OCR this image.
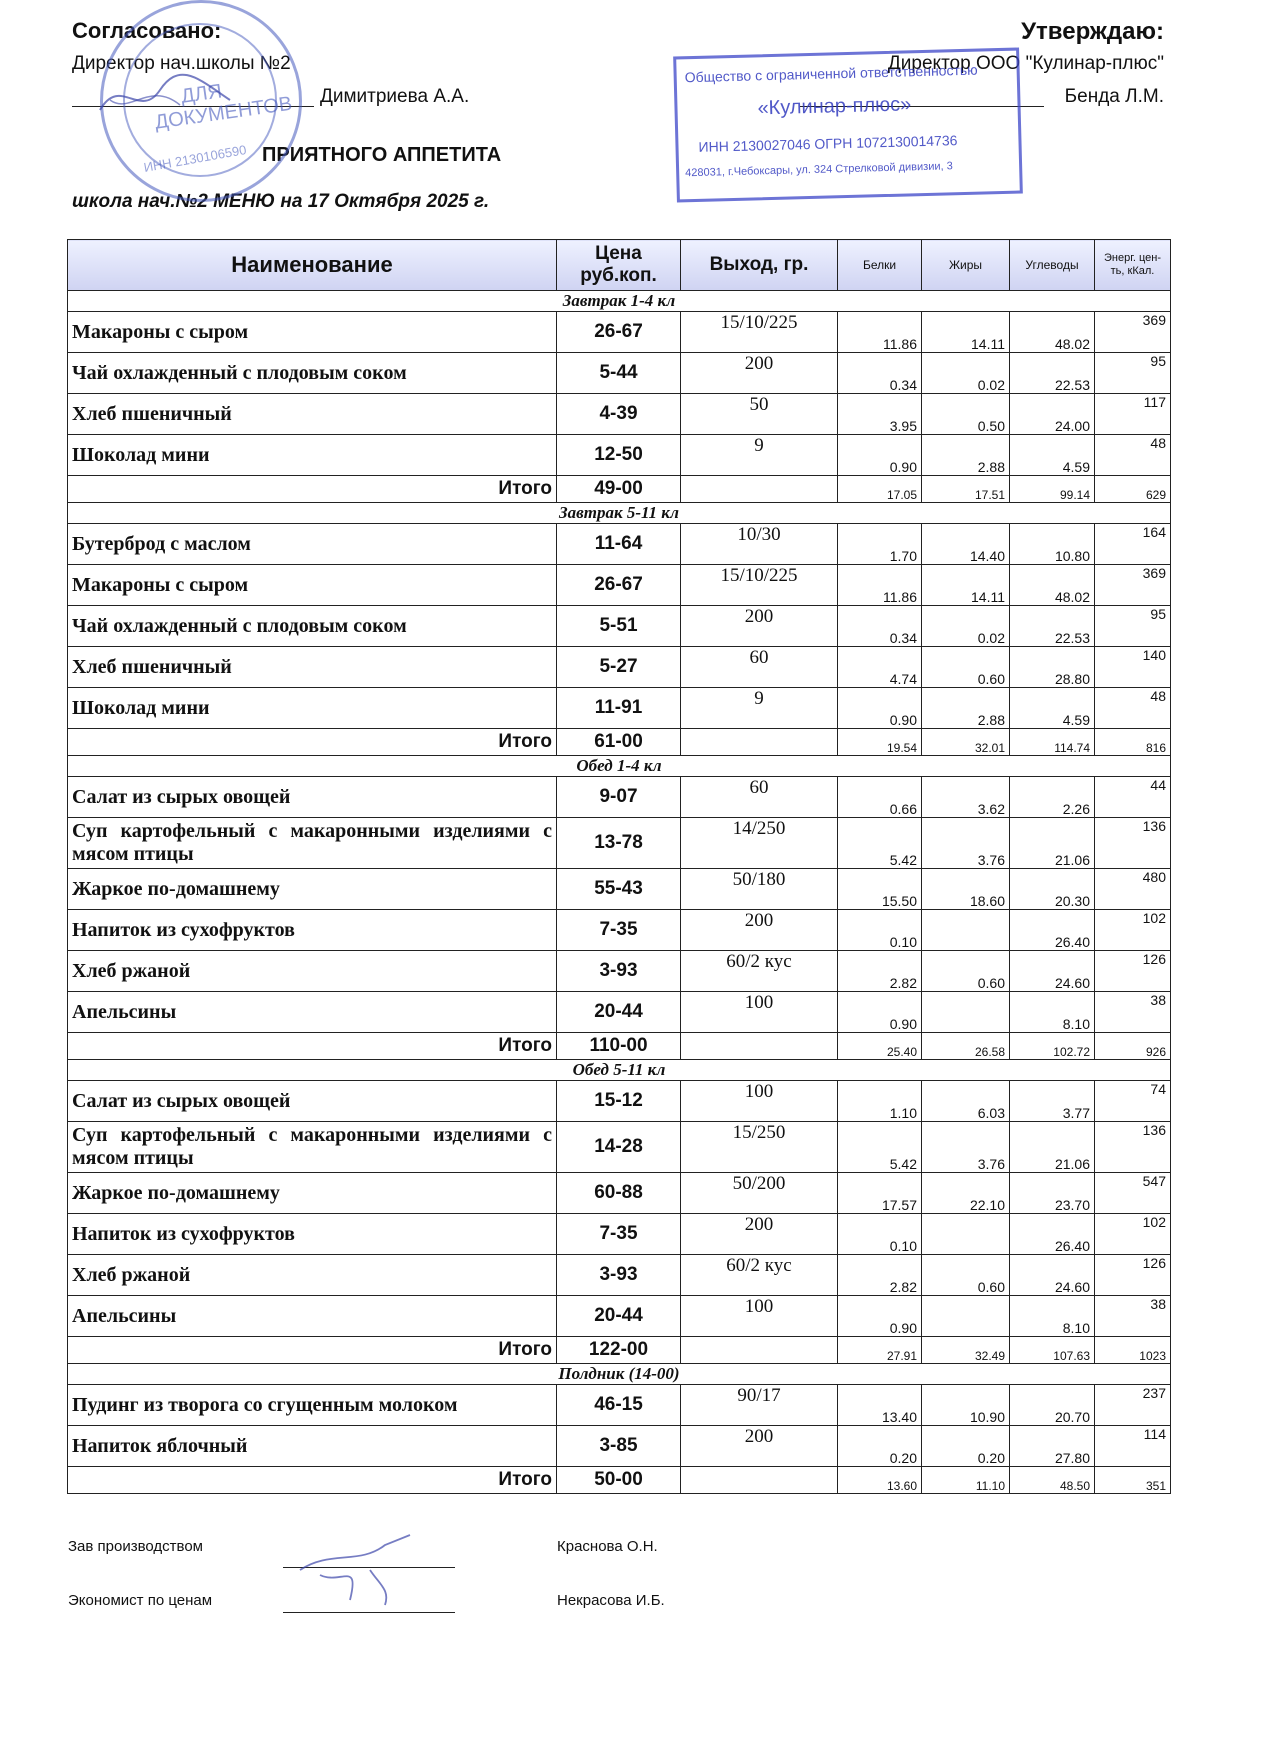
Согласовано:
Директор нач.школы №2
Димитриева А.А.
Утверждаю:
Директор ООО "Кулинар-плюс"
Бенда Л.М.
ПРИЯТНОГО АППЕТИТА
школа нач.№2 МЕНЮ на 17 Октября 2025 г.
ДЛЯ ДОКУМЕНТОВ
ИНН 2130106590
Общество с ограниченной ответственностью
«Кулинар-плюс»
ИНН 2130027046 ОГРН 1072130014736
428031, г.Чебоксары, ул. 324 Стрелковой дивизии, 3
Наименование	Цена руб.коп.	Выход, гр.	Белки	Жиры	Углеводы	Энерг. цен-ть, кКал.
Завтрак 1-4 кл						
Макароны с сыром	26-67	15/10/225	11.86	14.11	48.02	369
Чай охлажденный с плодовым соком	5-44	200	0.34	0.02	22.53	95
Хлеб пшеничный	4-39	50	3.95	0.50	24.00	117
Шоколад мини	12-50	9	0.90	2.88	4.59	48
Итого	49-00		17.05	17.51	99.14	629
Завтрак 5-11 кл						
Бутерброд с маслом	11-64	10/30	1.70	14.40	10.80	164
Макароны с сыром	26-67	15/10/225	11.86	14.11	48.02	369
Чай охлажденный с плодовым соком	5-51	200	0.34	0.02	22.53	95
Хлеб пшеничный	5-27	60	4.74	0.60	28.80	140
Шоколад мини	11-91	9	0.90	2.88	4.59	48
Итого	61-00		19.54	32.01	114.74	816
Обед 1-4 кл						
Салат из сырых овощей	9-07	60	0.66	3.62	2.26	44
Суп картофельный с макаронными изделиями с мясом птицы	13-78	14/250	5.42	3.76	21.06	136
Жаркое по-домашнему	55-43	50/180	15.50	18.60	20.30	480
Напиток из сухофруктов	7-35	200	0.10		26.40	102
Хлеб ржаной	3-93	60/2 кус	2.82	0.60	24.60	126
Апельсины	20-44	100	0.90		8.10	38
Итого	110-00		25.40	26.58	102.72	926
Обед 5-11 кл						
Салат из сырых овощей	15-12	100	1.10	6.03	3.77	74
Суп картофельный с макаронными изделиями с мясом птицы	14-28	15/250	5.42	3.76	21.06	136
Жаркое по-домашнему	60-88	50/200	17.57	22.10	23.70	547
Напиток из сухофруктов	7-35	200	0.10		26.40	102
Хлеб ржаной	3-93	60/2 кус	2.82	0.60	24.60	126
Апельсины	20-44	100	0.90		8.10	38
Итого	122-00		27.91	32.49	107.63	1023
Полдник (14-00)						
Пудинг из творога со сгущенным молоком	46-15	90/17	13.40	10.90	20.70	237
Напиток яблочный	3-85	200	0.20	0.20	27.80	114
Итого	50-00		13.60	11.10	48.50	351
Зав производством	Краснова О.Н.
Экономист по ценам	Некрасова И.Б.
